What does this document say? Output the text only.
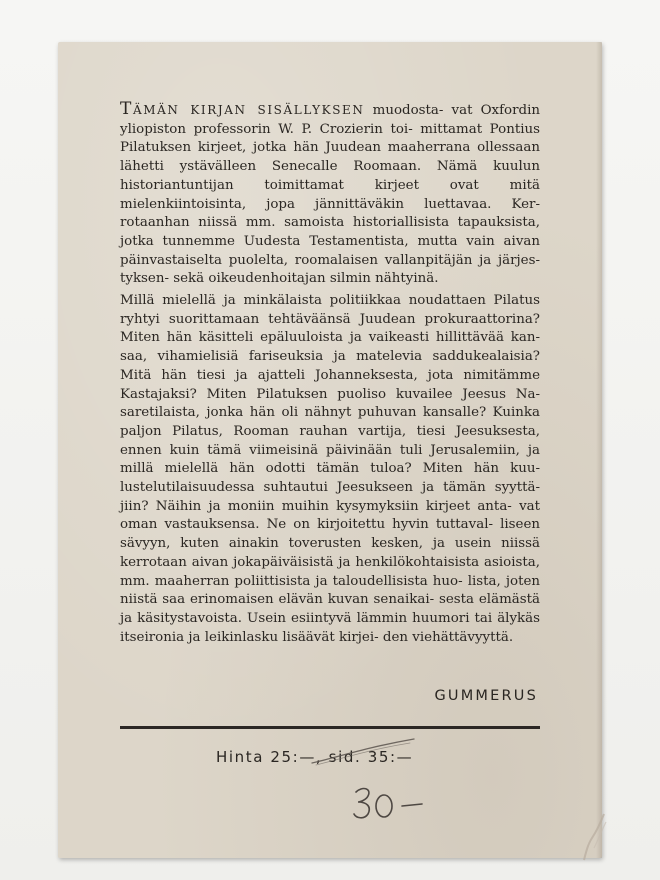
Tämän kirjan sisällyksen muodosta- vat Oxfordin yliopiston professorin W. P. Crozierin toi- mittamat Pontius Pilatuksen kirjeet, jotka hän Juudean maaherrana ollessaan lähetti ystävälleen Senecalle Roomaan. Nämä kuulun historiantuntijan toimittamat kirjeet ovat mitä mielenkiintoisinta, jopa jännittäväkin luettavaa. Ker- rotaanhan niissä mm. samoista historiallisista tapauksista, jotka tunnemme Uudesta Testamentista, mutta vain aivan päinvastaiselta puolelta, roomalaisen vallanpitäjän ja järjes- tyksen- sekä oikeudenhoitajan silmin nähtyinä.

Millä mielellä ja minkälaista politiikkaa noudattaen Pilatus ryhtyi suorittamaan tehtäväänsä Juudean prokuraattorina? Miten hän käsitteli epäluuloista ja vaikeasti hillittävää kan- saa, vihamielisiä fariseuksia ja matelevia saddukealaisia? Mitä hän tiesi ja ajatteli Johanneksesta, jota nimitämme Kastajaksi? Miten Pilatuksen puoliso kuvailee Jeesus Na- saretilaista, jonka hän oli nähnyt puhuvan kansalle? Kuinka paljon Pilatus, Rooman rauhan vartija, tiesi Jeesuksesta, ennen kuin tämä viimeisinä päivinään tuli Jerusalemiin, ja millä mielellä hän odotti tämän tuloa? Miten hän kuu- lustelutilaisuudessa suhtautui Jeesukseen ja tämän syyttä- jiin? Näihin ja moniin muihin kysymyksiin kirjeet anta- vat oman vastauksensa. Ne on kirjoitettu hyvin tuttaval- liseen sävyyn, kuten ainakin toverusten kesken, ja usein niissä kerrotaan aivan jokapäiväisistä ja henkilökohtaisista asioista, mm. maaherran poliittisista ja taloudellisista huo- lista, joten niistä saa erinomaisen elävän kuvan senaikai- sesta elämästä ja käsitystavoista. Usein esiintyvä lämmin huumori tai älykäs itseironia ja leikinlasku lisäävät kirjei- den viehättävyyttä.

GUMMERUS
Hinta 25:—, sid. 35:—
